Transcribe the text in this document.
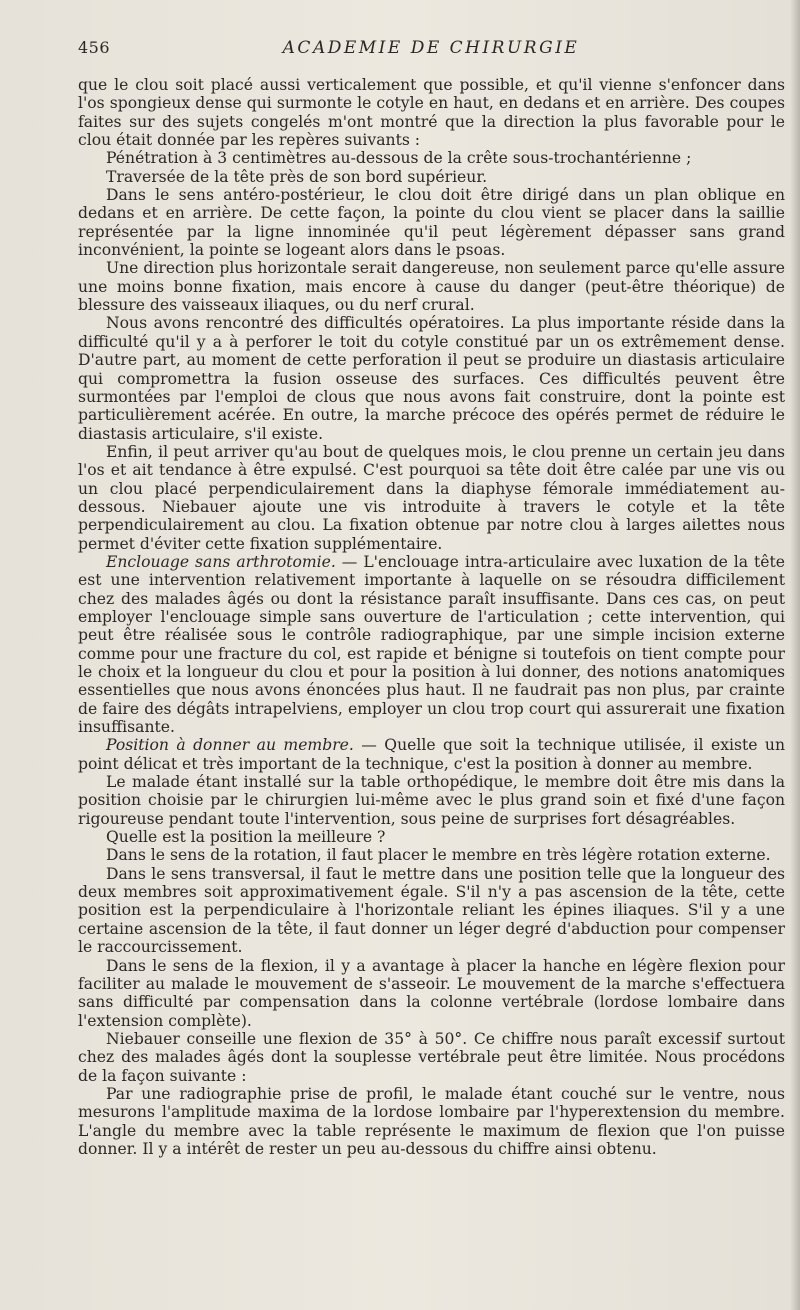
456	ACADEMIE DE CHIRURGIE

que le clou soit placé aussi verticalement que possible, et qu'il vienne s'enfoncer dans l'os spongieux dense qui surmonte le cotyle en haut, en dedans et en arrière. Des coupes faites sur des sujets congelés m'ont montré que la direction la plus favorable pour le clou était donnée par les repères suivants :

Pénétration à 3 centimètres au-dessous de la crête sous-trochantérienne ;

Traversée de la tête près de son bord supérieur.

Dans le sens antéro-postérieur, le clou doit être dirigé dans un plan oblique en dedans et en arrière. De cette façon, la pointe du clou vient se placer dans la saillie représentée par la ligne innominée qu'il peut légèrement dépasser sans grand inconvénient, la pointe se logeant alors dans le psoas.

Une direction plus horizontale serait dangereuse, non seulement parce qu'elle assure une moins bonne fixation, mais encore à cause du danger (peut-être théorique) de blessure des vaisseaux iliaques, ou du nerf crural.

Nous avons rencontré des difficultés opératoires. La plus importante réside dans la difficulté qu'il y a à perforer le toit du cotyle constitué par un os extrêmement dense. D'autre part, au moment de cette perforation il peut se produire un diastasis articulaire qui compromettra la fusion osseuse des surfaces. Ces difficultés peuvent être surmontées par l'emploi de clous que nous avons fait construire, dont la pointe est particulièrement acérée. En outre, la marche précoce des opérés permet de réduire le diastasis articulaire, s'il existe.

Enfin, il peut arriver qu'au bout de quelques mois, le clou prenne un certain jeu dans l'os et ait tendance à être expulsé. C'est pourquoi sa tête doit être calée par une vis ou un clou placé perpendiculairement dans la diaphyse fémorale immédiatement au-dessous. Niebauer ajoute une vis introduite à travers le cotyle et la tête perpendiculairement au clou. La fixation obtenue par notre clou à larges ailettes nous permet d'éviter cette fixation supplémentaire.

Enclouage sans arthrotomie. — L'enclouage intra-articulaire avec luxation de la tête est une intervention relativement importante à laquelle on se résoudra difficilement chez des malades âgés ou dont la résistance paraît insuffisante. Dans ces cas, on peut employer l'enclouage simple sans ouverture de l'articulation ; cette intervention, qui peut être réalisée sous le contrôle radiographique, par une simple incision externe comme pour une fracture du col, est rapide et bénigne si toutefois on tient compte pour le choix et la longueur du clou et pour la position à lui donner, des notions anatomiques essentielles que nous avons énoncées plus haut. Il ne faudrait pas non plus, par crainte de faire des dégâts intrapelviens, employer un clou trop court qui assurerait une fixation insuffisante.

Position à donner au membre. — Quelle que soit la technique utilisée, il existe un point délicat et très important de la technique, c'est la position à donner au membre.

Le malade étant installé sur la table orthopédique, le membre doit être mis dans la position choisie par le chirurgien lui-même avec le plus grand soin et fixé d'une façon rigoureuse pendant toute l'intervention, sous peine de surprises fort désagréables.

Quelle est la position la meilleure ?

Dans le sens de la rotation, il faut placer le membre en très légère rotation externe.

Dans le sens transversal, il faut le mettre dans une position telle que la longueur des deux membres soit approximativement égale. S'il n'y a pas ascension de la tête, cette position est la perpendiculaire à l'horizontale reliant les épines iliaques. S'il y a une certaine ascension de la tête, il faut donner un léger degré d'abduction pour compenser le raccourcissement.

Dans le sens de la flexion, il y a avantage à placer la hanche en légère flexion pour faciliter au malade le mouvement de s'asseoir. Le mouvement de la marche s'effectuera sans difficulté par compensation dans la colonne vertébrale (lordose lombaire dans l'extension complète).

Niebauer conseille une flexion de 35° à 50°. Ce chiffre nous paraît excessif surtout chez des malades âgés dont la souplesse vertébrale peut être limitée. Nous procédons de la façon suivante :

Par une radiographie prise de profil, le malade étant couché sur le ventre, nous mesurons l'amplitude maxima de la lordose lombaire par l'hyperextension du membre. L'angle du membre avec la table représente le maximum de flexion que l'on puisse donner. Il y a intérêt de rester un peu au-dessous du chiffre ainsi obtenu.
